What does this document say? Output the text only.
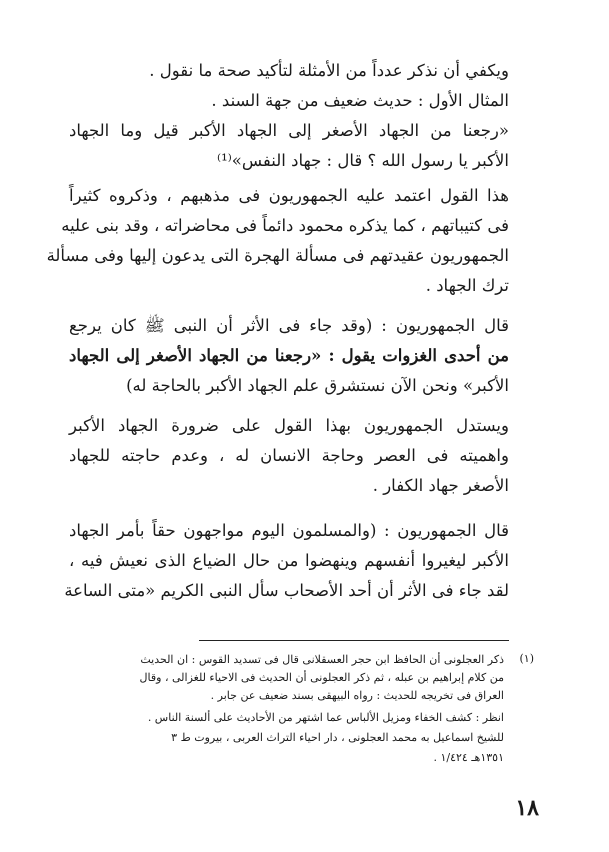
ويكفي أن نذكر عدداً من الأمثلة لتأكيد صحة ما نقول .
المثال الأول : حديث ضعيف من جهة السند .
«رجعنا من الجهاد الأصغر إلى الجهاد الأكبر قيل وما الجهاد
الأكبر يا رسول الله ؟ قال : جهاد النفس»⁽¹⁾
هذا القول اعتمد عليه الجمهوريون فى مذهبهم ، وذكروه كثيراً
فى كتيباتهم ، كما يذكره محمود دائماً فى محاضراته ، وقد بنى عليه
الجمهوريون عقيدتهم فى مسألة الهجرة التى يدعون إليها وفى مسألة
ترك الجهاد .
قال الجمهوريون : (وقد جاء فى الأثر أن النبى ﷺ كان يرجع
من أحدى الغزوات يقول : «رجعنا من الجهاد الأصغر إلى الجهاد
الأكبر» ونحن الآن نستشرق علم الجهاد الأكبر بالحاجة له)
ويستدل الجمهوريون بهذا القول على ضرورة الجهاد الأكبر
واهميته فى العصر وحاجة الانسان له ، وعدم حاجته للجهاد
الأصغر جهاد الكفار .
قال الجمهوريون : (والمسلمون اليوم مواجهون حقاً بأمر الجهاد
الأكبر ليغيروا أنفسهم وينهضوا من حال الضياع الذى نعيش فيه ،
لقد جاء فى الأثر أن أحد الأصحاب سأل النبى الكريم «متى الساعة
(١)
ذكر العجلونى أن الحافظ ابن حجر العسقلانى قال فى تسديد القوس : ان الحديث
من كلام إبراهيم بن عبله ، ثم ذكر العجلونى أن الحديث فى الاحياء للغزالى ، وقال
العراق فى تخريجه للحديث : رواه البيهقى بسند ضعيف عن جابر .
انظر : كشف الخفاء ومزيل الألباس عما اشتهر من الأحاديث على ألسنة الناس .
للشيخ اسماعيل به محمد العجلونى ، دار احياء التراث العربى ، بيروت ط ٣
١٣٥١هـ ١/٤٢٤ .
١٨
